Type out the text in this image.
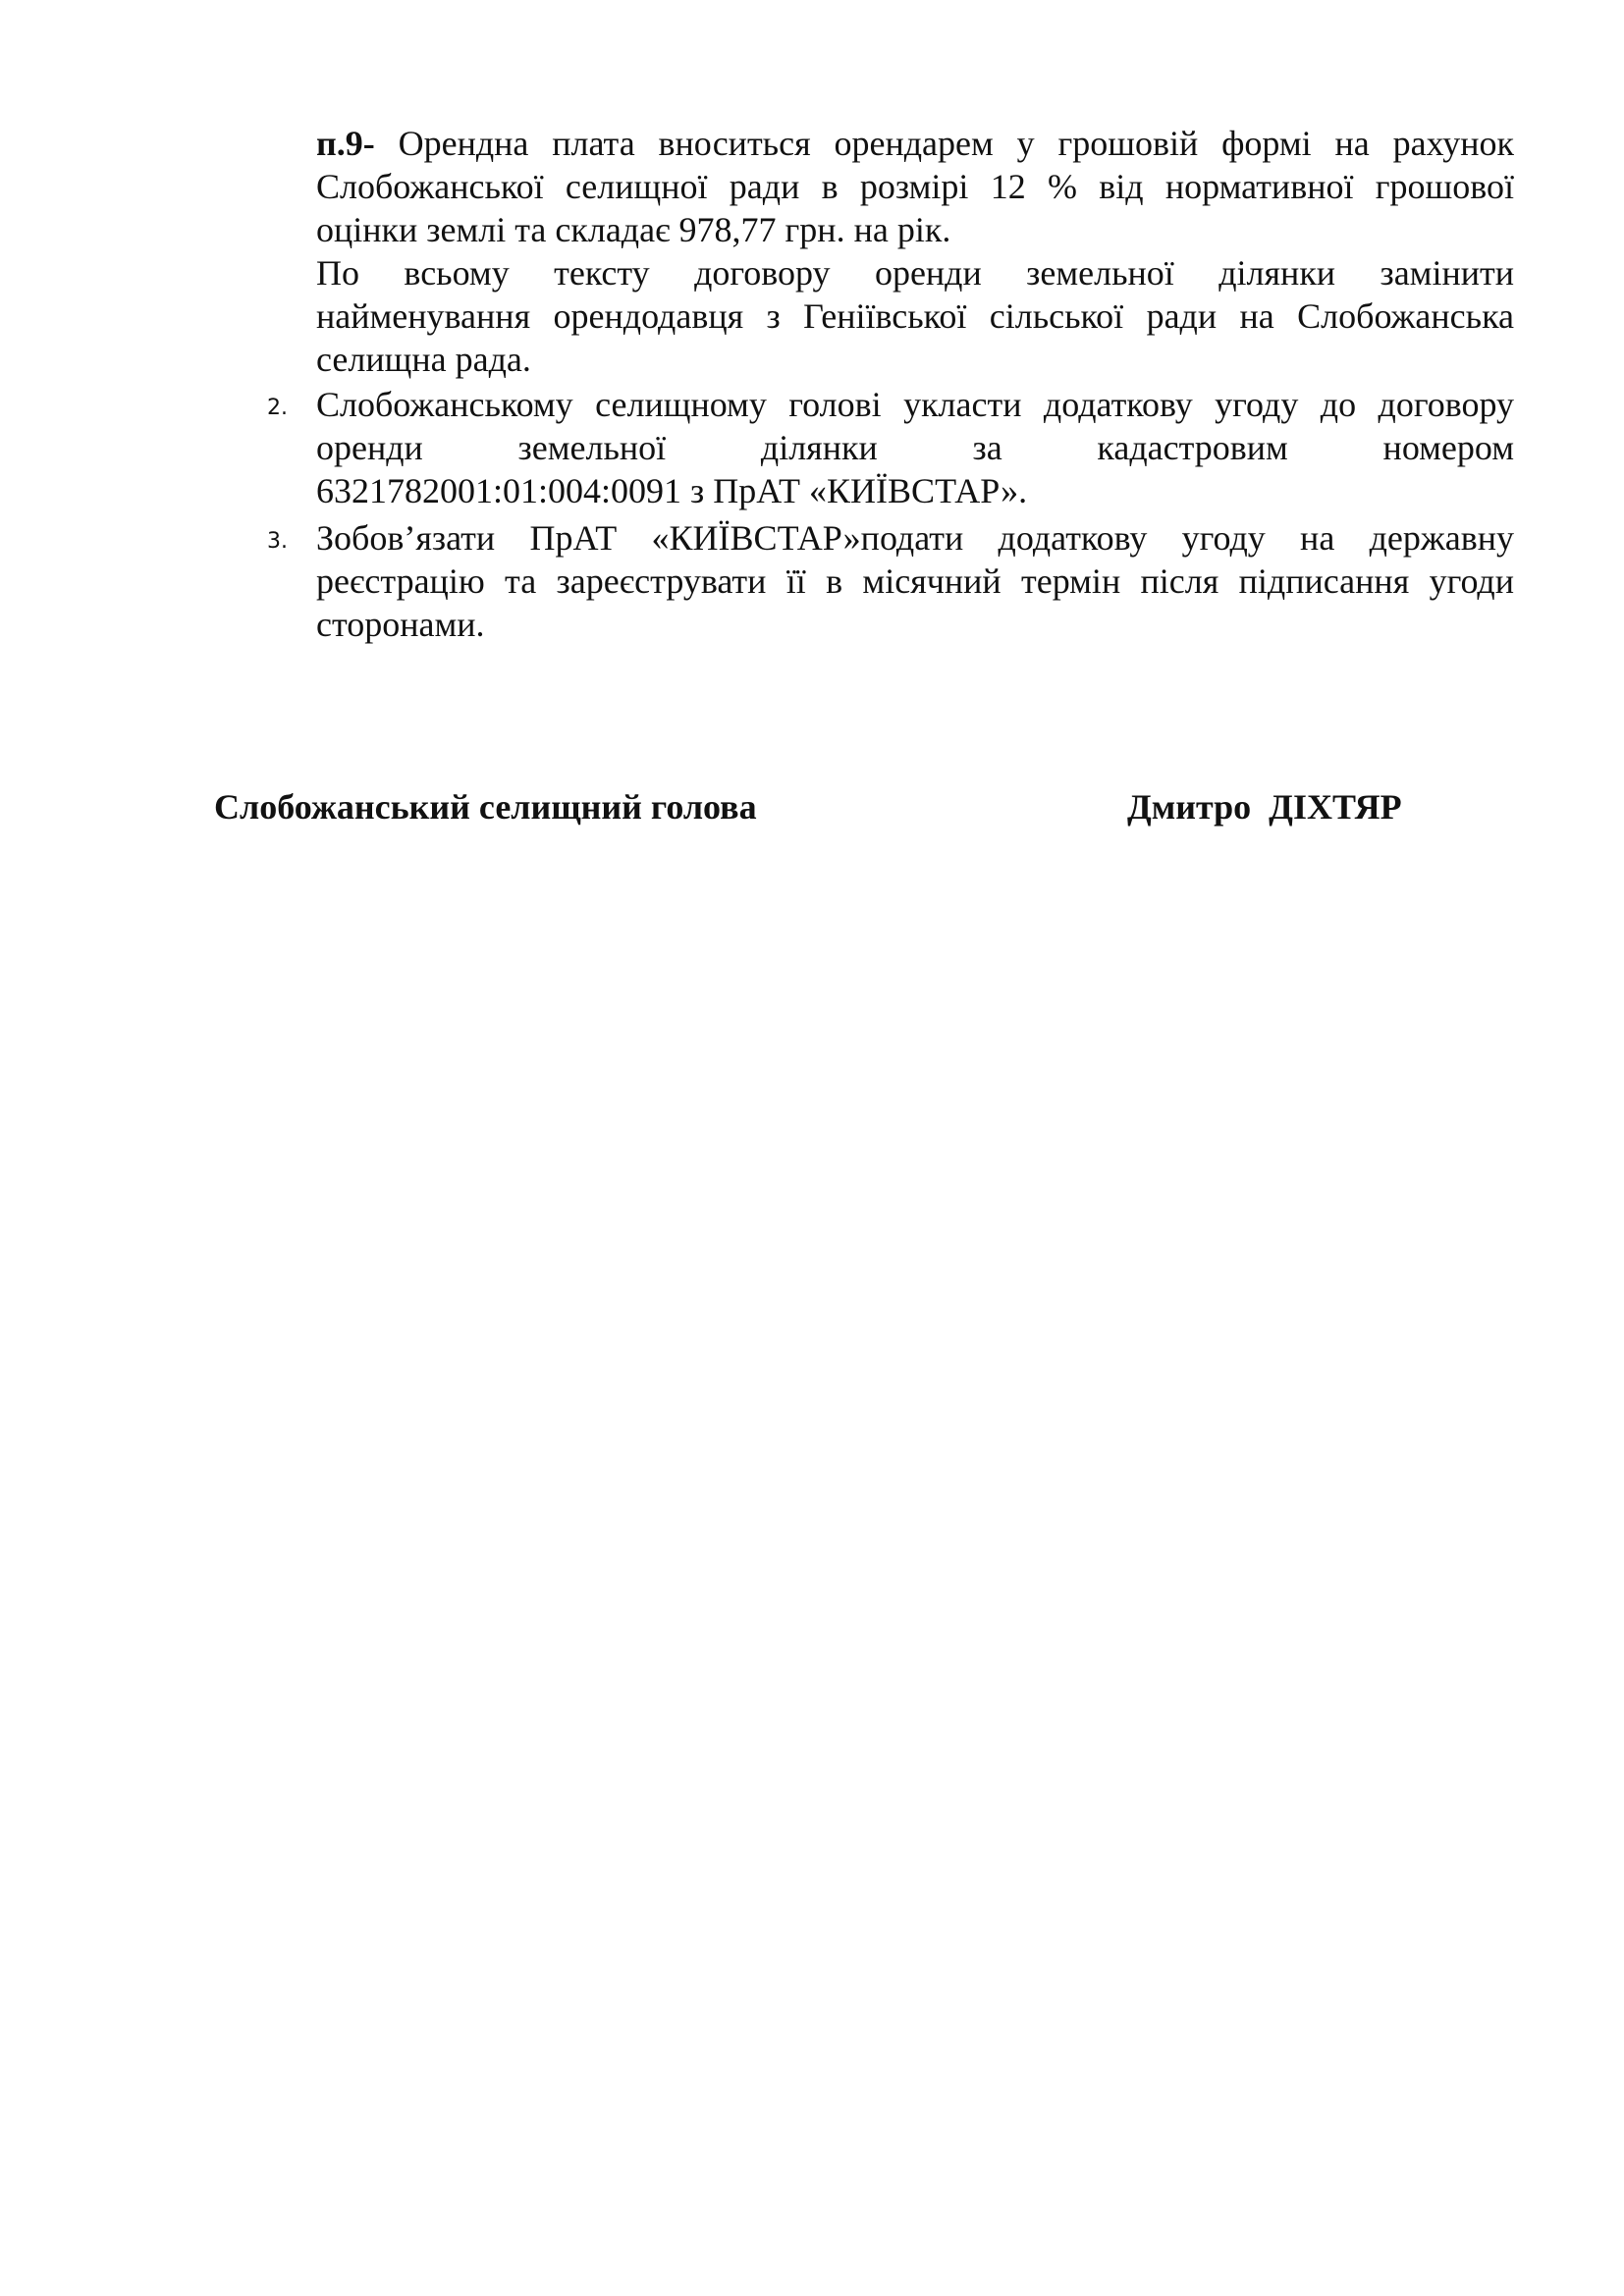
п.9- Орендна плата вноситься орендарем у грошовій формі на рахунок
Слобожанської селищної ради в розмірі 12 % від нормативної грошової
оцінки землі та складає 978,77 грн. на рік.
По всьому тексту договору оренди земельної ділянки замінити
найменування орендодавця з Геніївської сільської ради на Слобожанська
селищна рада.
2. Слобожанському селищному голові укласти додаткову угоду до договору
оренди земельної ділянки за кадастровим номером
6321782001:01:004:0091 з ПрАТ «КИЇВСТАР».
3. Зобов’язати ПрАТ «КИЇВСТАР»подати додаткову угоду на державну
реєстрацію та зареєструвати її в місячний термін після підписання угоди
сторонами.
Слобожанський селищний голова	Дмитро  ДІХТЯР
